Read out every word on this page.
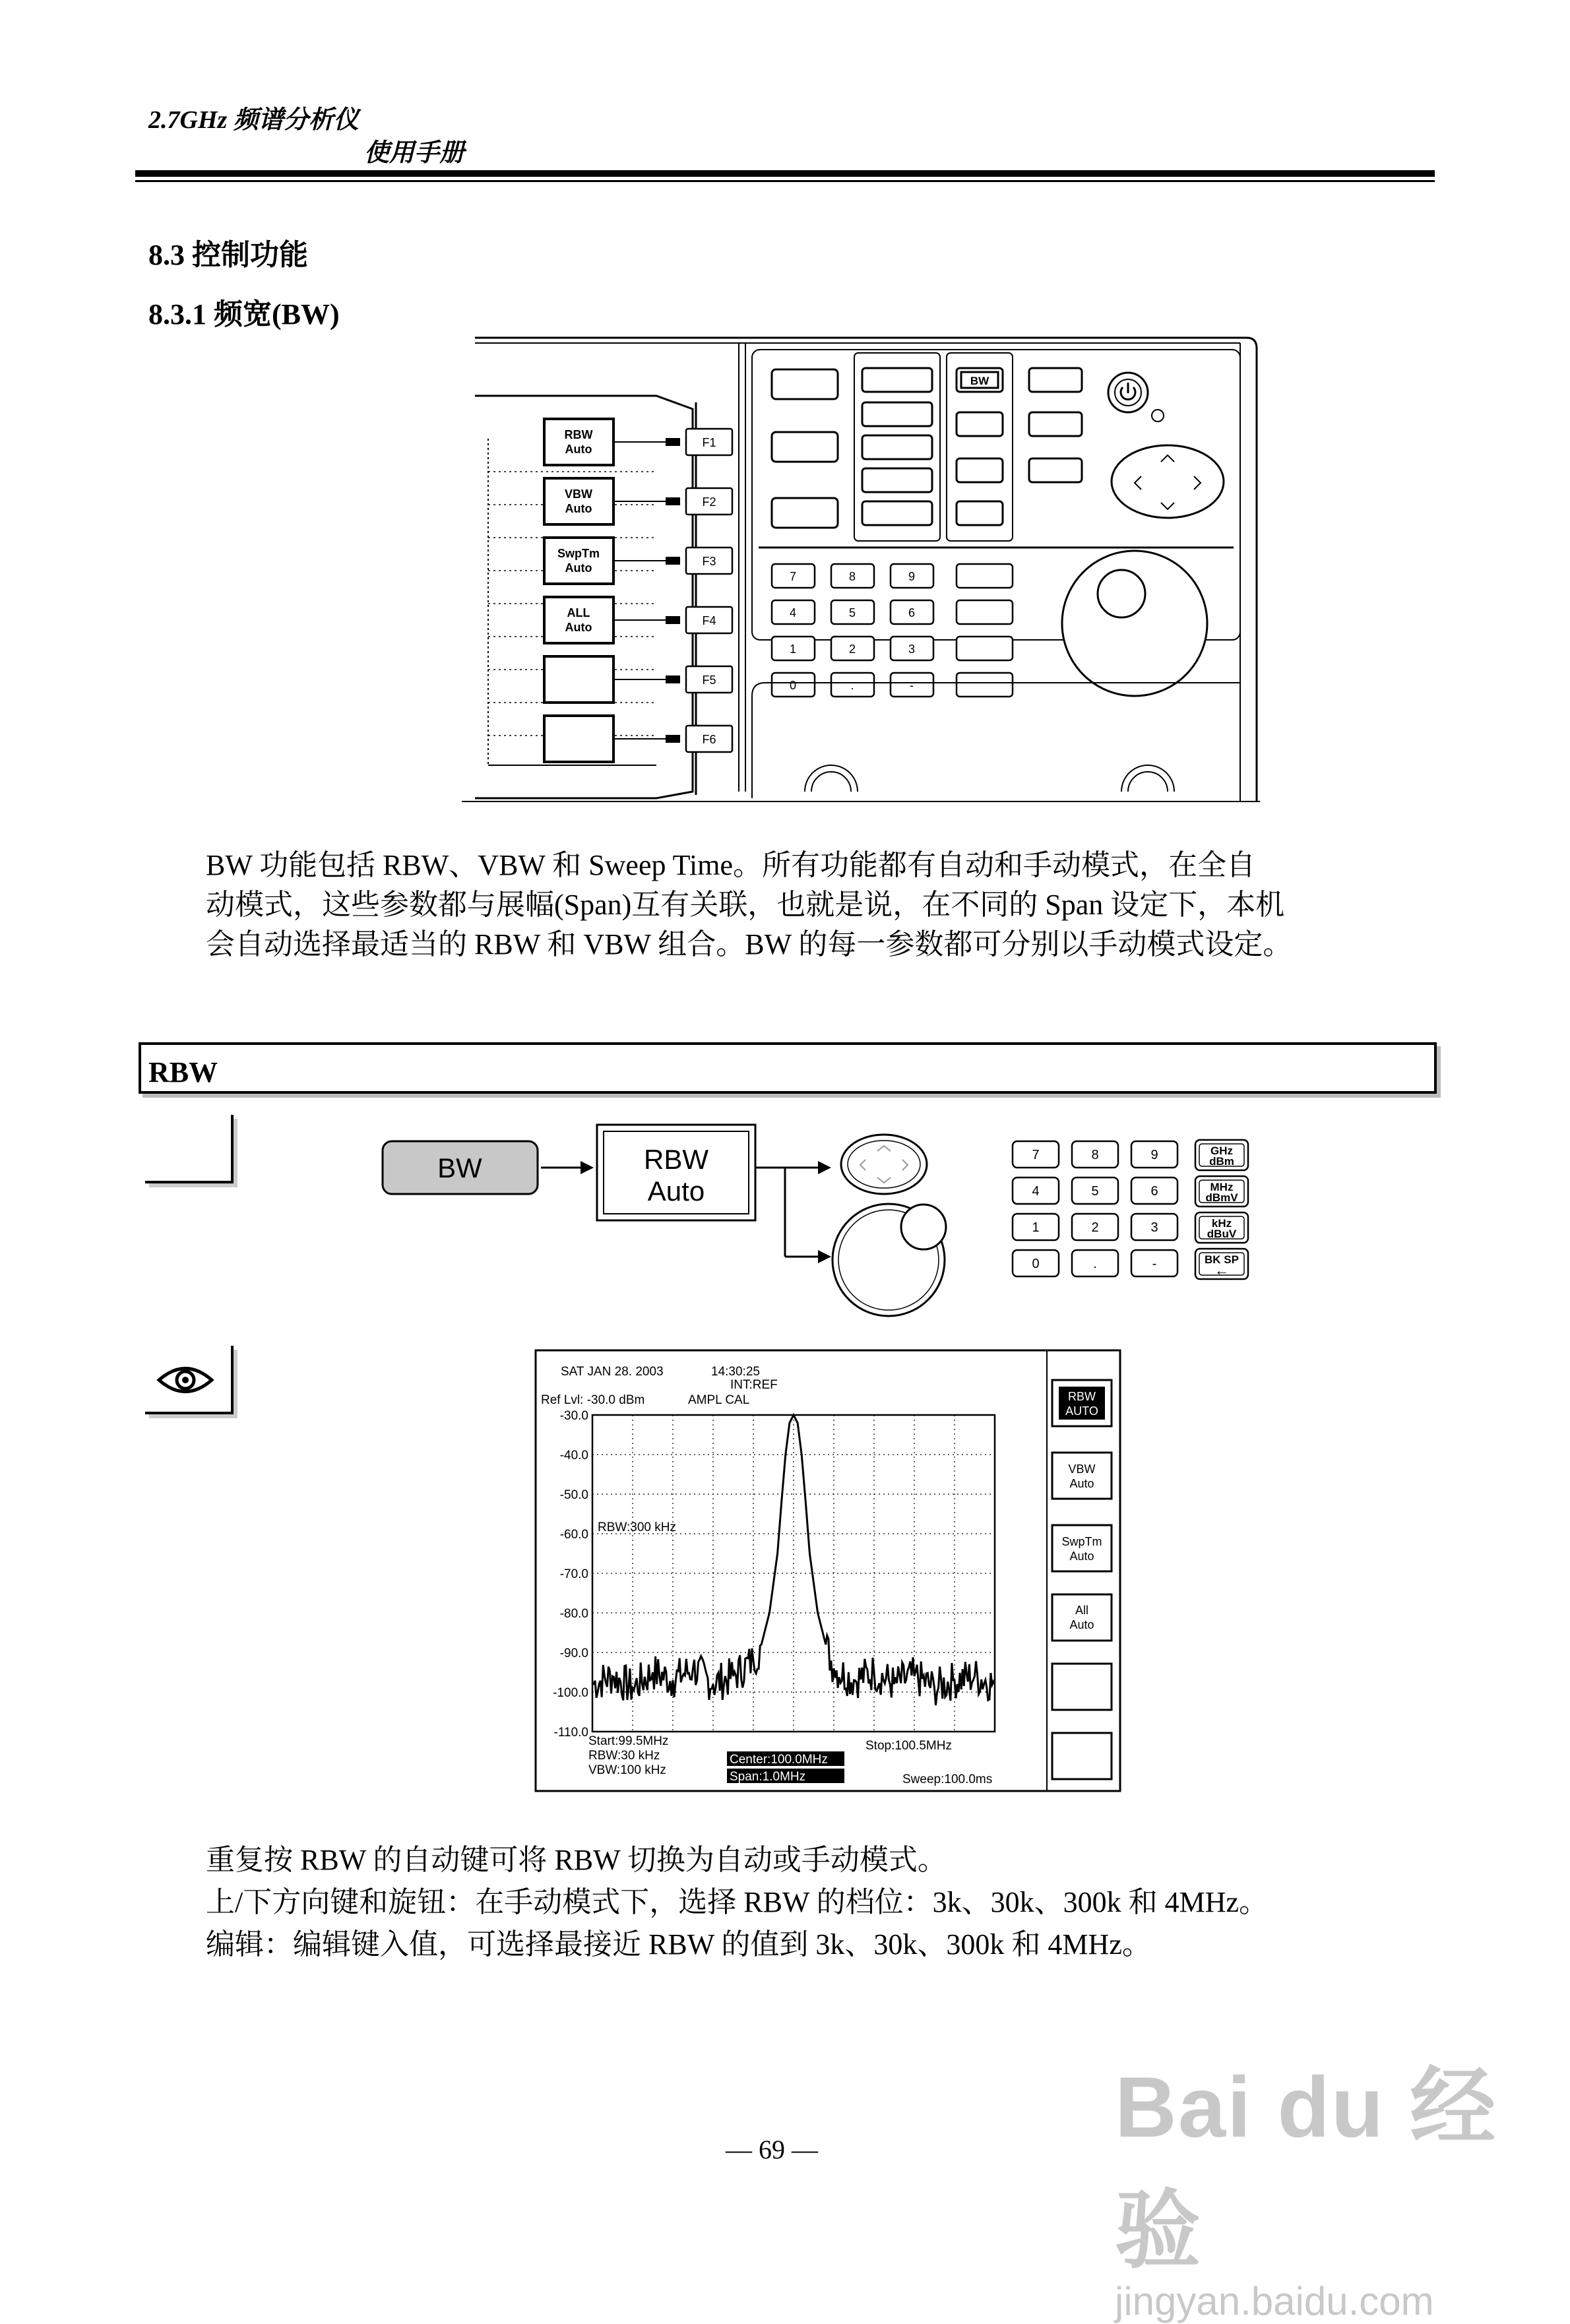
2.7GHz 频谱分析仪
使用手册
8.3 控制功能
8.3.1 频宽(BW)
RBW
Auto
VBW
Auto
SwpTm
Auto
ALL
Auto
F1
F2
F3
F4
F5
F6
BW
7	8	9
4	5	6
1	2	3
0	.	-
BW 功能包括 RBW、VBW 和 Sweep Time。所有功能都有自动和手动模式，在全自
动模式，这些参数都与展幅(Span)互有关联，也就是说，在不同的 Span 设定下，本机
会自动选择最适当的 RBW 和 VBW 组合。BW 的每一参数都可分别以手动模式设定。
RBW
BW	RBW
Auto
7	8	9
4	5	6
1	2	3
0	.	-
GHz
dBm
MHz
dBmV
kHz
dBuV
BK SP
←
SAT JAN 28. 2003	14:30:25
INT:REF
Ref Lvl: -30.0 dBm	AMPL CAL
-30.0
-40.0
-50.0
-60.0
-70.0
-80.0
-90.0
-100.0
-110.0
RBW:300 kHz
Start:99.5MHz	Stop:100.5MHz
RBW:30 kHz
VBW:100 kHz
Sweep:100.0ms
Center:100.0MHz
Span:1.0MHz
RBW
AUTO
VBW
Auto
SwpTm
Auto
All
Auto
重复按 RBW 的自动键可将 RBW 切换为自动或手动模式。
上/下方向键和旋钮：在手动模式下，选择 RBW 的档位：3k、30k、300k 和 4MHz。
编辑：编辑键入值，可选择最接近 RBW 的值到 3k、30k、300k 和 4MHz。
Bai du 经验
jingyan.baidu.com
— 69 —
